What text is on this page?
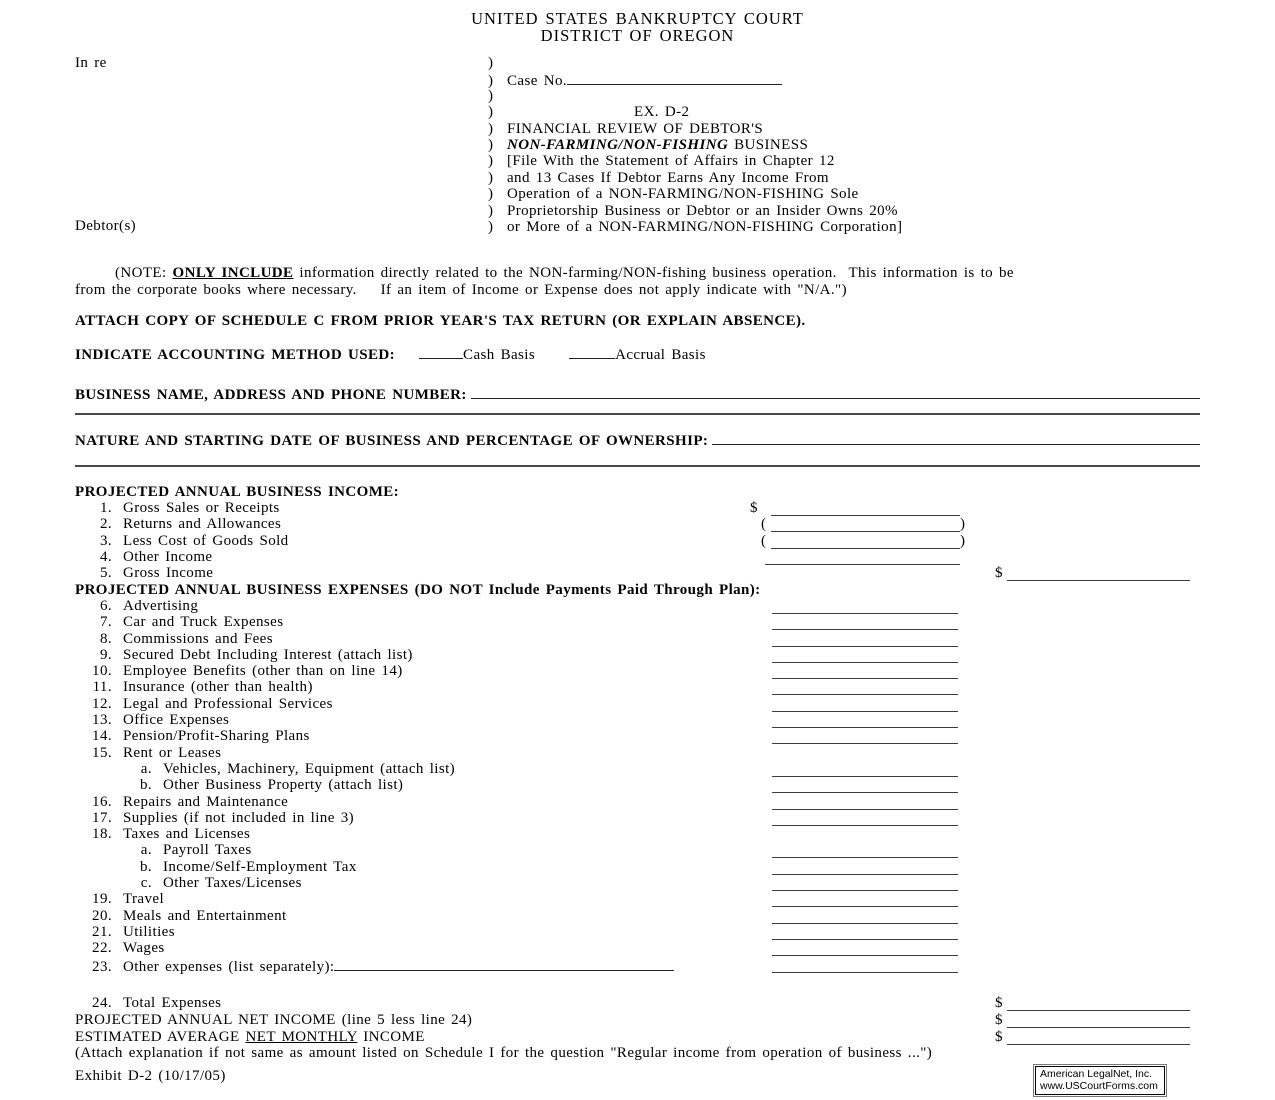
UNITED STATES BANKRUPTCY COURT
DISTRICT OF OREGON
In re
Debtor(s)
)
) Case No.
)
)	EX. D-2
) FINANCIAL REVIEW OF DEBTOR'S
) NON-FARMING/NON-FISHING BUSINESS
) [File With the Statement of Affairs in Chapter 12
) and 13 Cases If Debtor Earns Any Income From
) Operation of a NON-FARMING/NON-FISHING Sole
) Proprietorship Business or Debtor or an Insider Owns 20%
) or More of a NON-FARMING/NON-FISHING Corporation]
(NOTE: ONLY INCLUDE information directly related to the NON-farming/NON-fishing business operation.  This information is to be
from the corporate books where necessary.    If an item of Income or Expense does not apply indicate with "N/A.")
ATTACH COPY OF SCHEDULE C FROM PRIOR YEAR'S TAX RETURN (OR EXPLAIN ABSENCE).
INDICATE ACCOUNTING METHOD USED:	Cash Basis	Accrual Basis
BUSINESS NAME, ADDRESS AND PHONE NUMBER:
NATURE AND STARTING DATE OF BUSINESS AND PERCENTAGE OF OWNERSHIP:
PROJECTED ANNUAL BUSINESS INCOME:
1. Gross Sales or Receipts	$
2. Returns and Allowances	(	)
3. Less Cost of Goods Sold	(	)
4. Other Income
5. Gross Income	$
PROJECTED ANNUAL BUSINESS EXPENSES (DO NOT Include Payments Paid Through Plan):
6. Advertising
7. Car and Truck Expenses
8. Commissions and Fees
9. Secured Debt Including Interest (attach list)
10. Employee Benefits (other than on line 14)
11. Insurance (other than health)
12. Legal and Professional Services
13. Office Expenses
14. Pension/Profit-Sharing Plans
15. Rent or Leases
a. Vehicles, Machinery, Equipment (attach list)
b. Other Business Property (attach list)
16. Repairs and Maintenance
17. Supplies (if not included in line 3)
18. Taxes and Licenses
a. Payroll Taxes
b. Income/Self-Employment Tax
c. Other Taxes/Licenses
19. Travel
20. Meals and Entertainment
21. Utilities
22. Wages
23. Other expenses (list separately):
24. Total Expenses	$
PROJECTED ANNUAL NET INCOME (line 5 less line 24)	$
ESTIMATED AVERAGE NET MONTHLY INCOME	$
(Attach explanation if not same as amount listed on Schedule I for the question "Regular income from operation of business ...")
Exhibit D-2 (10/17/05)	American LegalNet, Inc.
www.USCourtForms.com
